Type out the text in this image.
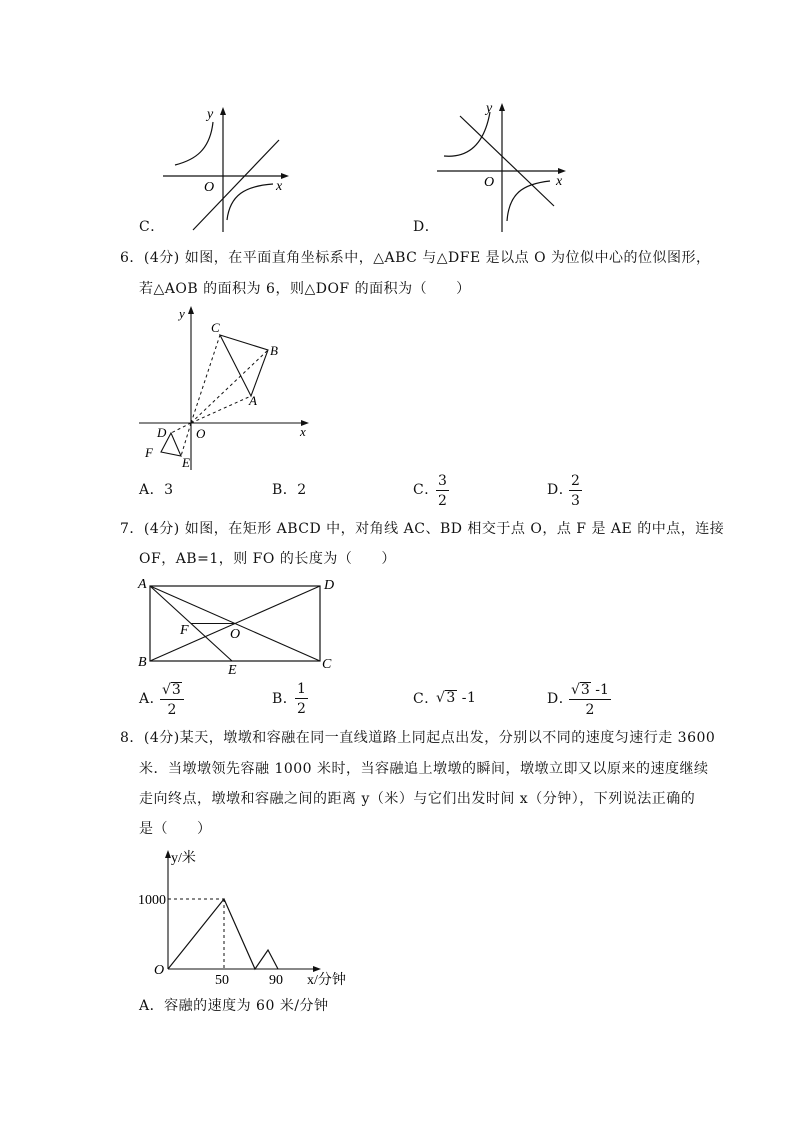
y
x
O
C．
y
x
O
D．
6．(4分) 如图，在平面直角坐标系中，△ABC 与△DFE 是以点 O 为位似中心的位似图形，
若△AOB 的面积为 6，则△DOF 的面积为（　　）
C
B
A
y
x
O
D
F
E
A．3	B．2	C．
$\frac{3}{2}$	D．
$\frac{2}{3}$
7．(4分) 如图，在矩形 ABCD 中，对角线 AC、BD 相交于点 O，点 F 是 AE 的中点，连接
OF，AB=1，则 FO 的长度为（　　）
A	D
B	C
E
F	O
A．
$\frac{√3}{2}$	B．
$\frac{1}{2}$	C．
√3 -1	D．
$\frac{√3 -1}{2}$
8．(4分)某天，墩墩和容融在同一直线道路上同起点出发，分别以不同的速度匀速行走 3600
米．当墩墩领先容融 1000 米时，当容融追上墩墩的瞬间，墩墩立即又以原来的速度继续
走向终点，墩墩和容融之间的距离 y（米）与它们出发时间 x（分钟），下列说法正确的
是（　　）
y/米
1000
O
50	90 x/分钟
A．容融的速度为 60 米/分钟
